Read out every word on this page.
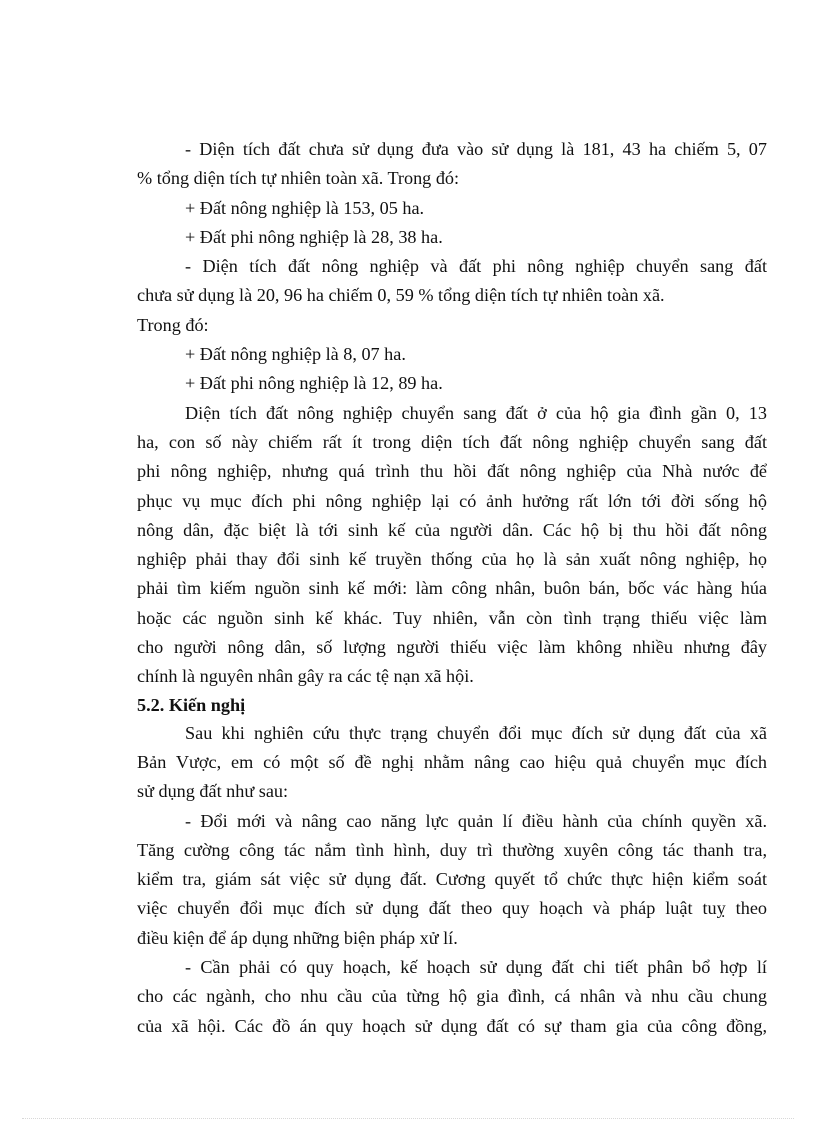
- Diện tích đất chưa sử dụng đưa vào sử dụng là 181, 43 ha chiếm 5, 07
% tổng diện tích tự nhiên toàn xã. Trong đó:
+ Đất nông nghiệp là 153, 05 ha.
+ Đất phi nông nghiệp là 28, 38 ha.
- Diện tích đất nông nghiệp và đất phi nông nghiệp chuyển sang đất
chưa sử dụng là 20, 96 ha chiếm 0, 59 % tổng diện tích tự nhiên toàn xã.
Trong đó:
+ Đất nông nghiệp là 8, 07 ha.
+ Đất phi nông nghiệp là 12, 89 ha.
Diện tích đất nông nghiệp chuyển sang đất ở của hộ gia đình gần 0, 13
ha, con số này chiếm rất ít trong diện tích đất nông nghiệp chuyển sang đất
phi nông nghiệp, nhưng quá trình thu hồi đất nông nghiệp của Nhà nước để
phục vụ mục đích phi nông nghiệp lại có ảnh hưởng rất lớn tới đời sống hộ
nông dân, đặc biệt là tới sinh kế của người dân. Các hộ bị thu hồi đất nông
nghiệp phải thay đổi sinh kế truyền thống của họ là sản xuất nông nghiệp, họ
phải tìm kiếm nguồn sinh kế mới: làm công nhân, buôn bán, bốc vác hàng húa
hoặc các nguồn sinh kế khác. Tuy nhiên, vẫn còn tình trạng thiếu việc làm
cho người nông dân, số lượng người thiếu việc làm không nhiều nhưng đây
chính là nguyên nhân gây ra các tệ nạn xã hội.
5.2. Kiến nghị
Sau khi nghiên cứu thực trạng chuyển đổi mục đích sử dụng đất của xã
Bản Vược, em có một số đề nghị nhằm nâng cao hiệu quả chuyển mục đích
sử dụng đất như sau:
- Đổi mới và nâng cao năng lực quản lí điều hành của chính quyền xã.
Tăng cường công tác nắm tình hình, duy trì thường xuyên công tác thanh tra,
kiểm tra, giám sát việc sử dụng đất. Cương quyết tổ chức thực hiện kiểm soát
việc chuyển đổi mục đích sử dụng đất theo quy hoạch và pháp luật tuỵ theo
điều kiện để áp dụng những biện pháp xử lí.
- Cần phải có quy hoạch, kế hoạch sử dụng đất chi tiết phân bổ hợp lí
cho các ngành, cho nhu cầu của từng hộ gia đình, cá nhân và nhu cầu chung
của xã hội. Các đồ án quy hoạch sử dụng đất có sự tham gia của công đồng,
